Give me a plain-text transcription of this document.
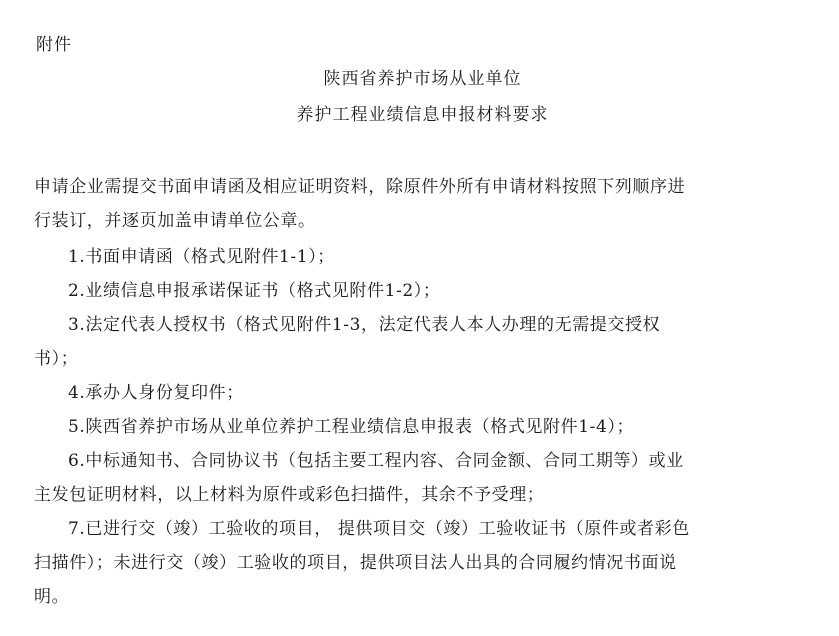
附件
陕西省养护市场从业单位
养护工程业绩信息申报材料要求
申请企业需提交书面申请函及相应证明资料，除原件外所有申请材料按照下列顺序进
行装订，并逐页加盖申请单位公章。
1.书面申请函（格式见附件1-1）；
2.业绩信息申报承诺保证书（格式见附件1-2）；
3.法定代表人授权书（格式见附件1-3，法定代表人本人办理的无需提交授权
书）；
4.承办人身份复印件；
5.陕西省养护市场从业单位养护工程业绩信息申报表（格式见附件1-4）；
6.中标通知书、合同协议书（包括主要工程内容、合同金额、合同工期等）或业
主发包证明材料，以上材料为原件或彩色扫描件，其余不予受理；
7.已进行交（竣）工验收的项目， 提供项目交（竣）工验收证书（原件或者彩色
扫描件）；未进行交（竣）工验收的项目，提供项目法人出具的合同履约情况书面说
明。
